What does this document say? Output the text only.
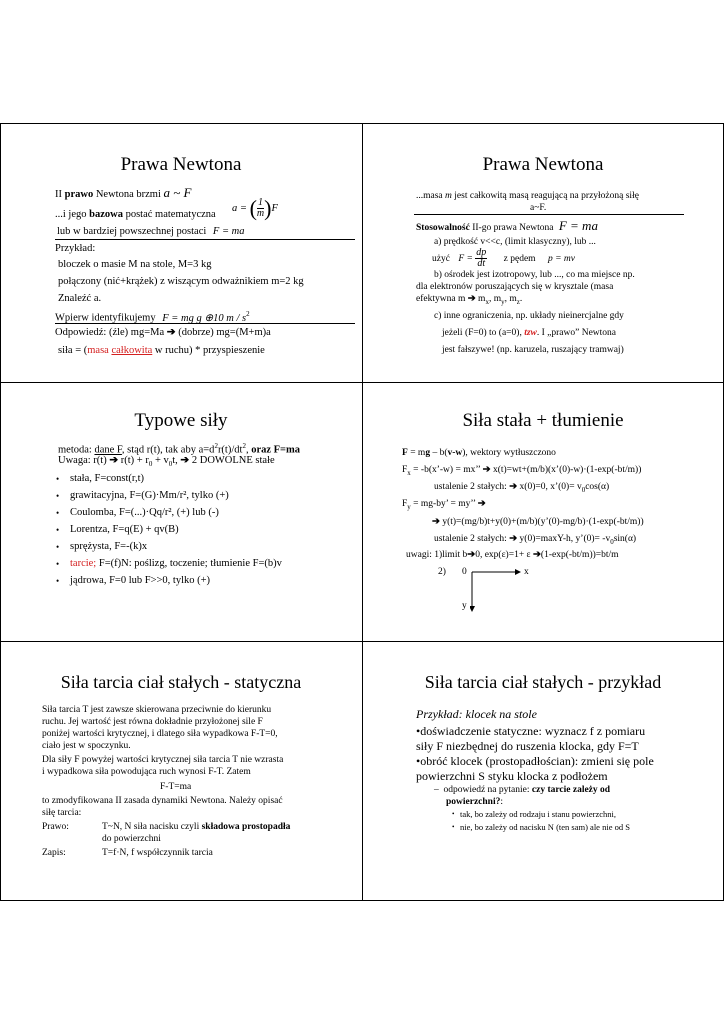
Prawa Newtona
II prawo Newtona brzmi a ~ F
...i jego bazowa postać matematyczna
a = ( $\frac{1}{m} )F$
lub w bardziej powszechnej postaci F = ma
Przykład:
bloczek o masie M na stole, M=3 kg
połączony (nić+krążek) z wiszącym odważnikiem m=2 kg
Znaleźć a.
Wpierw identyfikujemy F = mg g ⊕10 m / $s^2$
Odpowiedź: (źle) mg=Ma ➔ (dobrze) mg=(M+m)a
siła = (masa całkowita w ruchu) * przyspieszenie
Prawa Newtona
...masa m jest całkowitą masą reagującą na przyłożoną siłę
a~F.
Stosowalność II-go prawa Newtona F = ma
a) prędkość v<<c, (limit klasyczny), lub ...
użyć $F = \frac{dp}{dt}$ z pędem p = mv
b) ośrodek jest izotropowy, lub ..., co ma miejsce np.
dla elektronów poruszających się w krysztale (masa
efektywna m ➔ $m_x$, $m_y$, $m_z$.
c) inne ograniczenia, np. układy nieinercjalne gdy
jeżeli (F=0) to (a=0), tzw. I „prawo” Newtona
jest fałszywe! (np. karuzela, ruszający tramwaj)
Typowe siły
metoda: dane F, stąd r(t), tak aby $a=d^2r(t)/dt^2$, oraz F=ma
Uwaga: r(t) ➔ $r(t) + r_0 + v_0t$, ➔ 2 DOWOLNE stałe
• stała, F=const(r,t)
• grawitacyjna, F=(G)·Mm/r², tylko (+)
• Coulomba, F=(...)·Qq/r², (+) lub (-)
• Lorentza, F=q(E) + qv(B)
• sprężysta, F=-(k)x
• tarcie; F=(f)N: poślizg, toczenie; tłumienie F=(b)v
• jądrowa, F=0 lub F>>0, tylko (+)
Siła stała + tłumienie
F = mg – b(v-w), wektory wytłuszczono
$F_x$ = -b(x’-w) = mx’’ ➔ x(t)=wt+(m/b)(x’(0)-w)·(1-exp(-bt/m))
ustalenie 2 stałych: ➔ x(0)=0, x’(0)= $v_0\cos(\alpha)$
$F_y = mg-by$’ = my’’ ➔
➔ y(t)=(mg/b)t+y(0)+(m/b)(y’(0)-mg/b)·(1-exp(-bt/m))
ustalenie 2 stałych: ➔ y(0)=maxY-h, y’(0)= $-v_0\sin(\alpha)$
uwagi: 1)limit b➔0, exp(ε)=1+ ε ➔(1-exp(-bt/m))=bt/m
2) 0	x
y
Siła tarcia ciał stałych - statyczna
Siła tarcia T jest zawsze skierowana przeciwnie do kierunku
ruchu. Jej wartość jest równa dokładnie przyłożonej sile F
poniżej wartości krytycznej, i dlatego siła wypadkowa F-T=0,
ciało jest w spoczynku.
Dla siły F powyżej wartości krytycznej siła tarcia T nie wzrasta
i wypadkowa siła powodująca ruch wynosi F-T. Zatem
F-T=ma
to zmodyfikowana II zasada dynamiki Newtona. Należy opisać
siłę tarcia:
Prawo:	T~N, N siła nacisku czyli składowa prostopadła
do powierzchni
Zapis:	T=f·N, f współczynnik tarcia
Siła tarcia ciał stałych - przykład
Przykład: klocek na stole
•doświadczenie statyczne: wyznacz f z pomiaru
siły F niezbędnej do ruszenia klocka, gdy F=T
•obróć klocek (prostopadłościan): zmieni się pole
powierzchni S styku klocka z podłożem
–  odpowiedź na pytanie: czy tarcie zależy od
powierzchni?:
• tak, bo zależy od rodzaju i stanu powierzchni,
• nie, bo zależy od nacisku N (ten sam) ale nie od S
